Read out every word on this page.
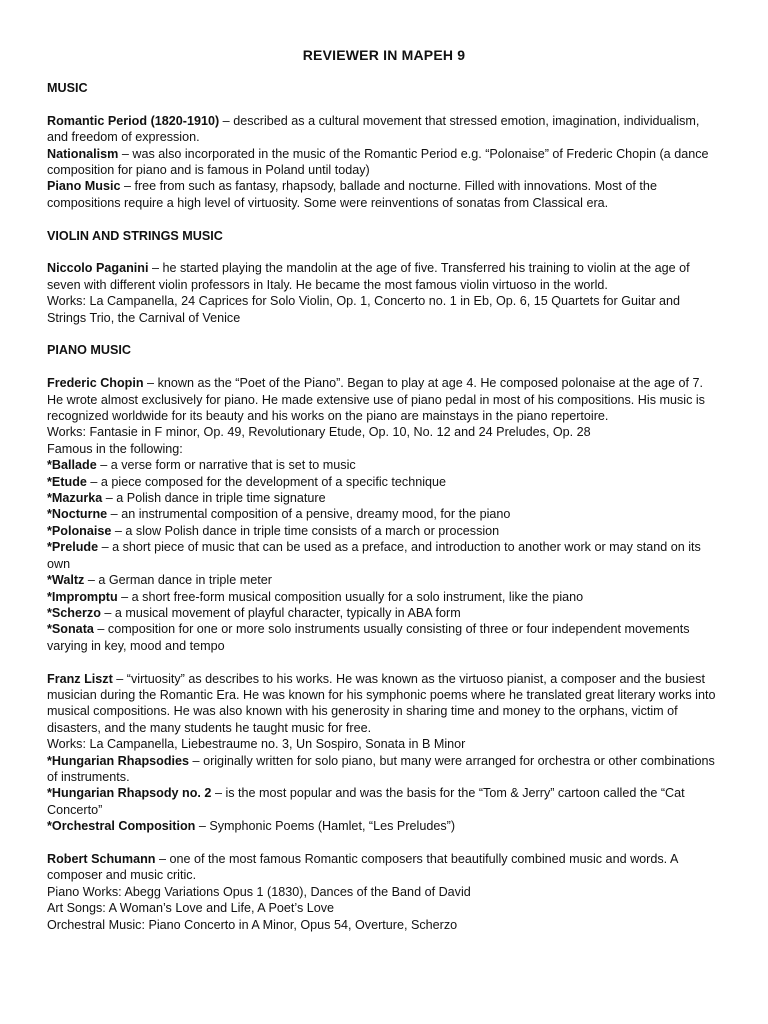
REVIEWER IN MAPEH 9

MUSIC

Romantic Period (1820-1910) – described as a cultural movement that stressed emotion, imagination, individualism, and freedom of expression.

Nationalism – was also incorporated in the music of the Romantic Period e.g. “Polonaise” of Frederic Chopin (a dance composition for piano and is famous in Poland until today)

Piano Music – free from such as fantasy, rhapsody, ballade and nocturne. Filled with innovations. Most of the compositions require a high level of virtuosity. Some were reinventions of sonatas from Classical era.

VIOLIN AND STRINGS MUSIC

Niccolo Paganini – he started playing the mandolin at the age of five. Transferred his training to violin at the age of seven with different violin professors in Italy. He became the most famous violin virtuoso in the world.

Works: La Campanella, 24 Caprices for Solo Violin, Op. 1, Concerto no. 1 in Eb, Op. 6, 15 Quartets for Guitar and Strings Trio, the Carnival of Venice

PIANO MUSIC

Frederic Chopin – known as the “Poet of the Piano”. Began to play at age 4. He composed polonaise at the age of 7. He wrote almost exclusively for piano. He made extensive use of piano pedal in most of his compositions. His music is recognized worldwide for its beauty and his works on the piano are mainstays in the piano repertoire.

Works: Fantasie in F minor, Op. 49, Revolutionary Etude, Op. 10, No. 12 and 24 Preludes, Op. 28

Famous in the following:

*Ballade – a verse form or narrative that is set to music

*Etude – a piece composed for the development of a specific technique

*Mazurka – a Polish dance in triple time signature

*Nocturne – an instrumental composition of a pensive, dreamy mood, for the piano

*Polonaise – a slow Polish dance in triple time consists of a march or procession

*Prelude – a short piece of music that can be used as a preface, and introduction to another work or may stand on its own

*Waltz – a German dance in triple meter

*Impromptu – a short free-form musical composition usually for a solo instrument, like the piano

*Scherzo – a musical movement of playful character, typically in ABA form

*Sonata – composition for one or more solo instruments usually consisting of three or four independent movements varying in key, mood and tempo

Franz Liszt – “virtuosity” as describes to his works. He was known as the virtuoso pianist, a composer and the busiest musician during the Romantic Era. He was known for his symphonic poems where he translated great literary works into musical compositions. He was also known with his generosity in sharing time and money to the orphans, victim of disasters, and the many students he taught music for free.

Works: La Campanella, Liebestraume no. 3, Un Sospiro, Sonata in B Minor

*Hungarian Rhapsodies – originally written for solo piano, but many were arranged for orchestra or other combinations of instruments.

*Hungarian Rhapsody no. 2 – is the most popular and was the basis for the “Tom & Jerry” cartoon called the “Cat Concerto”

*Orchestral Composition – Symphonic Poems (Hamlet, “Les Preludes”)

Robert Schumann – one of the most famous Romantic composers that beautifully combined music and words. A composer and music critic.

Piano Works: Abegg Variations Opus 1 (1830), Dances of the Band of David

Art Songs: A Woman’s Love and Life, A Poet’s Love

Orchestral Music: Piano Concerto in A Minor, Opus 54, Overture, Scherzo
